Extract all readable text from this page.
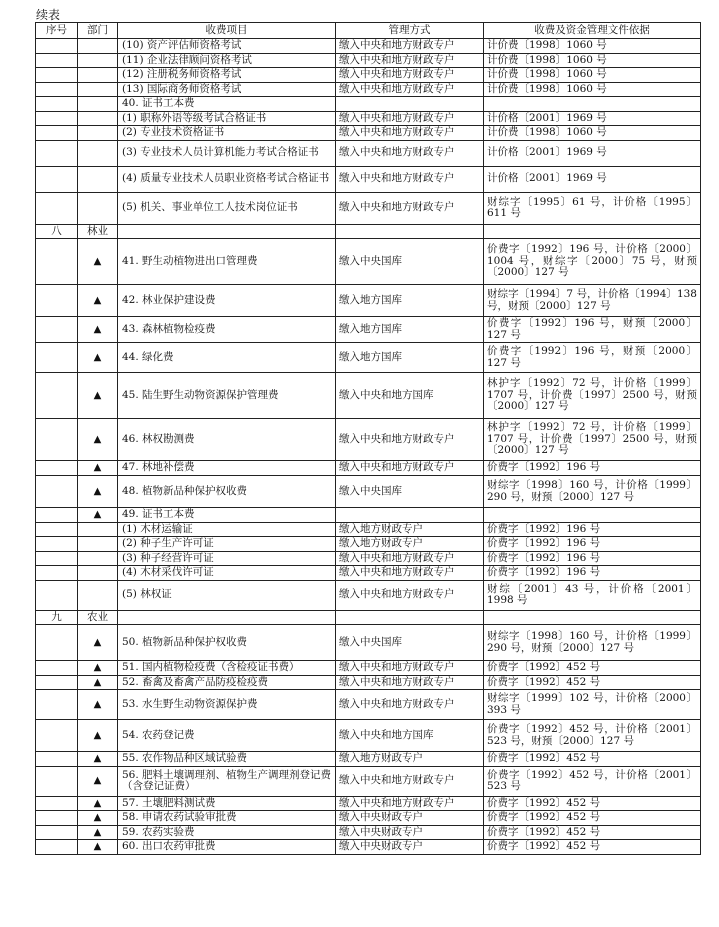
续表
序号	部门	收费项目	管理方式	收费及资金管理文件依据
		(10) 资产评估师资格考试	缴入中央和地方财政专户	计价费〔1998〕1060 号
		(11) 企业法律顾问资格考试	缴入中央和地方财政专户	计价费〔1998〕1060 号
		(12) 注册税务师资格考试	缴入中央和地方财政专户	计价费〔1998〕1060 号
		(13) 国际商务师资格考试	缴入中央和地方财政专户	计价费〔1998〕1060 号
		40. 证书工本费		
		(1) 职称外语等级考试合格证书	缴入中央和地方财政专户	计价格〔2001〕1969 号
		(2) 专业技术资格证书	缴入中央和地方财政专户	计价费〔1998〕1060 号
		(3) 专业技术人员计算机能力考试合格证书	缴入中央和地方财政专户	计价格〔2001〕1969 号
		(4) 质量专业技术人员职业资格考试合格证书	缴入中央和地方财政专户	计价格〔2001〕1969 号
		(5) 机关、事业单位工人技术岗位证书	缴入中央和地方财政专户	财综字〔1995〕61 号，计价格〔1995〕611 号
八	林业			
	▲	41. 野生动植物进出口管理费	缴入中央国库	价费字〔1992〕196 号，计价格〔2000〕1004 号，财综字〔2000〕75 号，财预〔2000〕127 号
	▲	42. 林业保护建设费	缴入地方国库	财综字〔1994〕7 号，计价格〔1994〕138 号，财预〔2000〕127 号
	▲	43. 森林植物检疫费	缴入地方国库	价费字〔1992〕196 号，财预〔2000〕127 号
	▲	44. 绿化费	缴入地方国库	价费字〔1992〕196 号，财预〔2000〕127 号
	▲	45. 陆生野生动物资源保护管理费	缴入中央和地方国库	林护字〔1992〕72 号，计价格〔1999〕1707 号，计价费〔1997〕2500 号，财预〔2000〕127 号
	▲	46. 林权勘测费	缴入中央和地方财政专户	林护字〔1992〕72 号，计价格〔1999〕1707 号，计价费〔1997〕2500 号，财预〔2000〕127 号
	▲	47. 林地补偿费	缴入中央和地方财政专户	价费字〔1992〕196 号
	▲	48. 植物新品种保护权收费	缴入中央国库	财综字〔1998〕160 号，计价格〔1999〕290 号，财预〔2000〕127 号
	▲	49. 证书工本费		
		(1) 木材运输证	缴入地方财政专户	价费字〔1992〕196 号
		(2) 种子生产许可证	缴入地方财政专户	价费字〔1992〕196 号
		(3) 种子经营许可证	缴入中央和地方财政专户	价费字〔1992〕196 号
		(4) 木材采伐许可证	缴入中央和地方财政专户	价费字〔1992〕196 号
		(5) 林权证	缴入中央和地方财政专户	财综〔2001〕43 号，计价格〔2001〕1998 号
九	农业			
	▲	50. 植物新品种保护权收费	缴入中央国库	财综字〔1998〕160 号，计价格〔1999〕290 号，财预〔2000〕127 号
	▲	51. 国内植物检疫费（含检疫证书费）	缴入中央和地方财政专户	价费字〔1992〕452 号
	▲	52. 畜禽及畜禽产品防疫检疫费	缴入中央和地方财政专户	价费字〔1992〕452 号
	▲	53. 水生野生动物资源保护费	缴入中央和地方财政专户	财综字〔1999〕102 号，计价格〔2000〕393 号
	▲	54. 农药登记费	缴入中央和地方国库	价费字〔1992〕452 号，计价格〔2001〕523 号，财预〔2000〕127 号
	▲	55. 农作物品种区域试验费	缴入地方财政专户	价费字〔1992〕452 号
	▲	56. 肥料土壤调理剂、植物生产调理剂登记费（含登记证费）	缴入中央和地方财政专户	价费字〔1992〕452 号，计价格〔2001〕523 号
	▲	57. 土壤肥料测试费	缴入中央和地方财政专户	价费字〔1992〕452 号
	▲	58. 申请农药试验审批费	缴入中央财政专户	价费字〔1992〕452 号
	▲	59. 农药实验费	缴入中央财政专户	价费字〔1992〕452 号
	▲	60. 出口农药审批费	缴入中央财政专户	价费字〔1992〕452 号
